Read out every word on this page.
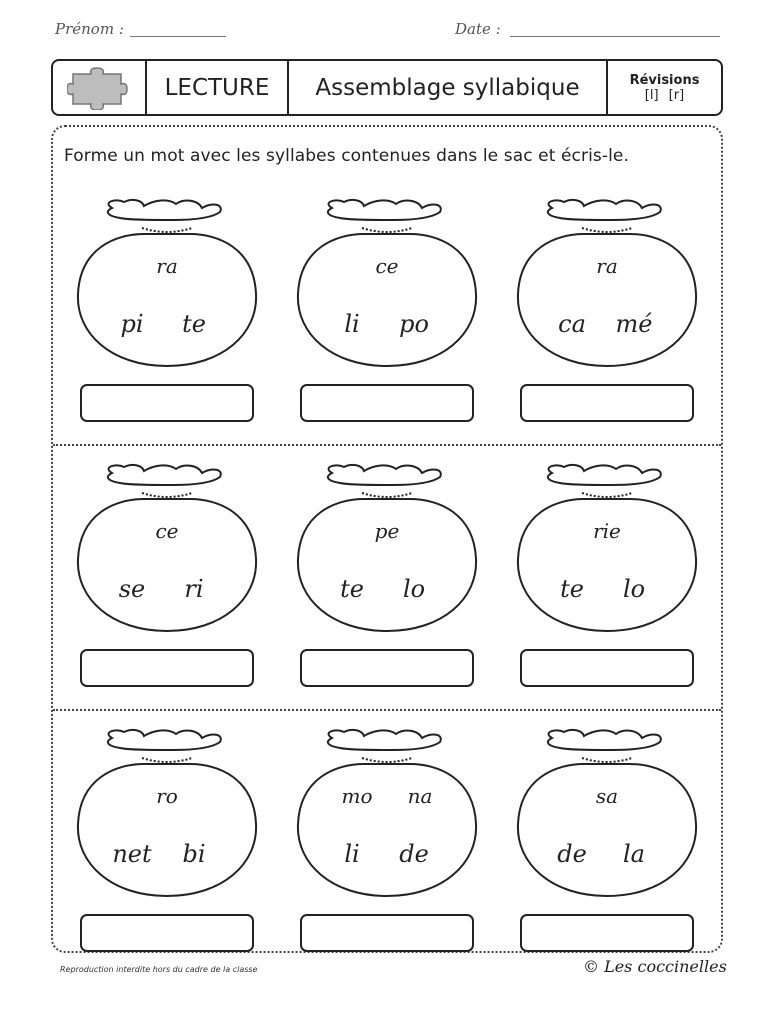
Prénom :	Date :
LECTURE	Assemblage syllabique	Révisions
[l] [r]
Forme un mot avec les syllabes contenues dans le sac et écris-le.
ra
pi te
ce
li po
ra
ca mé
ce
se ri
pe
te lo
rie
te lo
ro
net bi
mo na
li de
sa
de la
Reproduction interdite hors du cadre de la classe	© Les coccinelles
